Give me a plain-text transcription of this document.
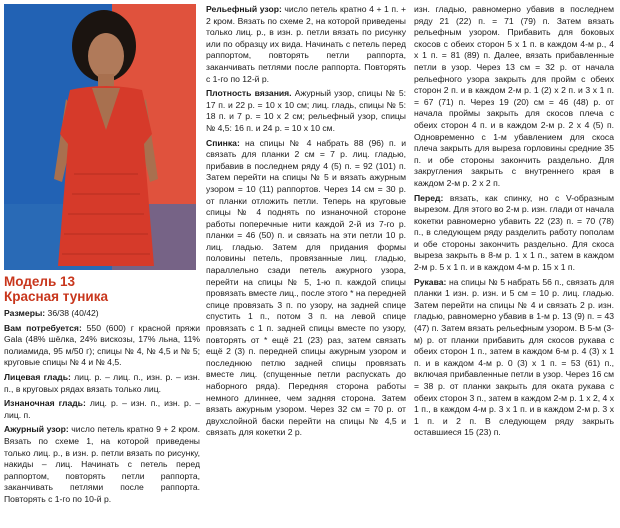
Модель 13
Красная туника

Размеры: 36/38 (40/42)

Вам потребуется: 550 (600) г красной пряжи Gala (48% шёлка, 24% вискозы, 17% льна, 11% полиамида, 95 м/50 г); спицы № 4, № 4,5 и № 5; круговые спицы № 4 и № 4,5.

Лицевая гладь: лиц. р. – лиц. п., изн. р. – изн. п., в круговых рядах вязать только лиц.

Изнаночная гладь: лиц. р. – изн. п., изн. р. – лиц. п.

Ажурный узор: число петель кратно 9 + 2 кром. Вязать по схеме 1, на которой приведены только лиц. р., в изн. р. петли вязать по рисунку, накиды – лиц. Начинать с петель перед раппортом, повторять петли раппорта, заканчивать петлями после раппорта. Повторять с 1-го по 10-й р.

Рельефный узор: число петель кратно 4 + 1 п. + 2 кром. Вязать по схеме 2, на которой приведены только лиц. р., в изн. р. петли вязать по рисунку или по образцу их вида. Начинать с петель перед раппортом, повторять петли раппорта, заканчивать петлями после раппорта. Повторять с 1-го по 12-й р.

Плотность вязания. Ажурный узор, спицы № 5: 17 п. и 22 р. = 10 х 10 см; лиц. гладь, спицы № 5: 18 п. и 7 р. = 10 х 2 см; рельефный узор, спицы № 4,5: 16 п. и 24 р. = 10 х 10 см.

Спинка: на спицы № 4 набрать 88 (96) п. и связать для планки 2 см = 7 р. лиц. гладью, прибавив в последнем ряду 4 (5) п. = 92 (101) п. Затем перейти на спицы № 5 и вязать ажурным узором = 10 (11) раппортов. Через 14 см = 30 р. от планки отложить петли. Теперь на круговые спицы № 4 поднять по изнаночной стороне работы поперечные нити каждой 2-й из 7-го р. планки = 46 (50) п. и связать на эти петли 10 р. лиц. гладью. Затем для придания формы половины петель, провязанные лиц. гладью, параллельно сзади петель ажурного узора, перейти на спицы № 5, 1-ю п. каждой спицы провязать вместе лиц., после этого * на передней спице провязать 3 п. по узору, на задней спице спустить 1 п., потом 3 п. на левой спице провязать с 1 п. задней спицы вместе по узору, повторять от * ещё 21 (23) раз, затем связать ещё 2 (3) п. передней спицы ажурным узором и последнюю петлю задней спицы провязать вместе лиц. (спущенные петли распускать до наборного ряда). Передняя сторона работы немного длиннее, чем задняя сторона. Затем вязать ажурным узором. Через 32 см = 70 р. от двухслойной баски перейти на спицы № 4,5 и связать для кокетки 2 р.

изн. гладью, равномерно убавив в последнем ряду 21 (22) п. = 71 (79) п. Затем вязать рельефным узором. Прибавить для боковых скосов с обеих сторон 5 х 1 п. в каждом 4-м р., 4 х 1 п. = 81 (89) п. Далее, вязать прибавленные петли в узор. Через 13 см = 32 р. от начала рельефного узора закрыть для пройм с обеих сторон 2 п. и в каждом 2-м р. 1 (2) х 2 п. и 3 х 1 п. = 67 (71) п. Через 19 (20) см = 46 (48) р. от начала проймы закрыть для скосов плеча с обеих сторон 4 п. и в каждом 2-м р. 2 х 4 (5) п. Одновременно с 1-м убавлением для скоса плеча закрыть для выреза горловины средние 35 п. и обе стороны закончить раздельно. Для закругления закрыть с внутреннего края в каждом 2-м р. 2 х 2 п.

Перед: вязать, как спинку, но с V-образным вырезом. Для этого во 2-м р. изн. глади от начала кокетки равномерно убавить 22 (23) п. = 70 (78) п., в следующем ряду разделить работу пополам и обе стороны закончить раздельно. Для скоса выреза закрыть в 8-м р. 1 х 1 п., затем в каждом 2-м р. 5 х 1 п. и в каждом 4-м р. 15 х 1 п.

Рукава: на спицы № 5 набрать 56 п., связать для планки 1 изн. р. изн. и 5 см = 10 р. лиц. гладью. Затем перейти на спицы № 4 и связать 2 р. изн. гладью, равномерно убавив в 1-м р. 13 (9) п. = 43 (47) п. Затем вязать рельефным узором. В 5-м (3-м) р. от планки прибавить для скосов рукава с обеих сторон 1 п., затем в каждом 6-м р. 4 (3) х 1 п. и в каждом 4-м р. 0 (3) х 1 п. = 53 (61) п., включая прибавленные петли в узор. Через 16 см = 38 р. от планки закрыть для оката рукава с обеих сторон 3 п., затем в каждом 2-м р. 1 х 2, 4 х 1 п., в каждом 4-м р. 3 х 1 п. и в каждом 2-м р. 3 х 1 п. и 2 п. В следующем ряду закрыть оставшиеся 15 (23) п.
